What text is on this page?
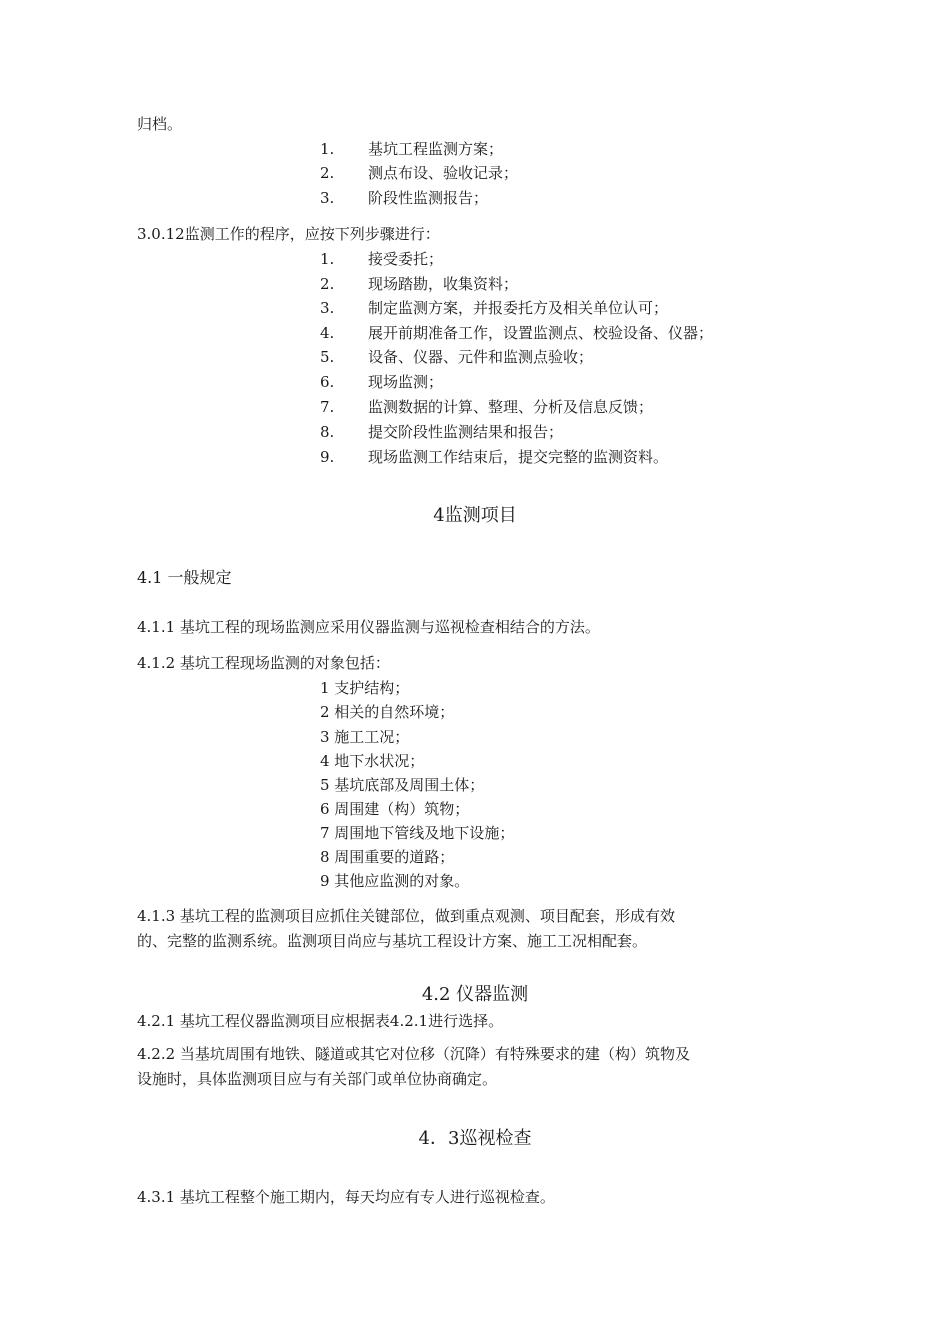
归档。
1. 基坑工程监测方案；
2. 测点布设、验收记录；
3. 阶段性监测报告；
3.0.12监测工作的程序，应按下列步骤进行：
1. 接受委托；
2. 现场踏勘，收集资料；
3. 制定监测方案，并报委托方及相关单位认可；
4. 展开前期准备工作，设置监测点、校验设备、仪器；
5. 设备、仪器、元件和监测点验收；
6. 现场监测；
7. 监测数据的计算、整理、分析及信息反馈；
8. 提交阶段性监测结果和报告；
9. 现场监测工作结束后，提交完整的监测资料。
4监测项目
4.1 一般规定
4.1.1 基坑工程的现场监测应采用仪器监测与巡视检查相结合的方法。
4.1.2 基坑工程现场监测的对象包括：
1 支护结构；
2 相关的自然环境；
3 施工工况；
4 地下水状况；
5 基坑底部及周围土体；
6 周围建（构）筑物；
7 周围地下管线及地下设施；
8 周围重要的道路；
9 其他应监测的对象。
4.1.3 基坑工程的监测项目应抓住关键部位，做到重点观测、项目配套，形成有效
的、完整的监测系统。监测项目尚应与基坑工程设计方案、施工工况相配套。
4.2 仪器监测
4.2.1 基坑工程仪器监测项目应根据表4.2.1进行选择。
4.2.2 当基坑周围有地铁、隧道或其它对位移（沉降）有特殊要求的建（构）筑物及
设施时，具体监测项目应与有关部门或单位协商确定。
4．3巡视检查
4.3.1 基坑工程整个施工期内，每天均应有专人进行巡视检查。
